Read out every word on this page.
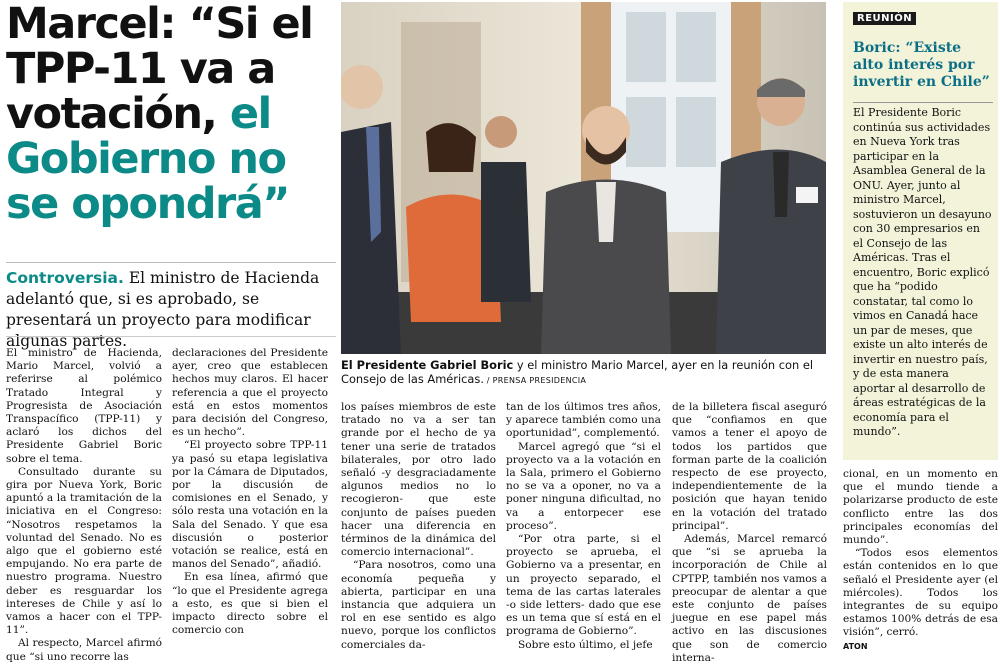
Marcel: “Si el TPP-11 va a votación, el Gobierno no se opondrá”

Controversia. El ministro de Hacienda adelantó que, si es aprobado, se presentará un proyecto para modificar algunas partes.

El Presidente Gabriel Boric y el ministro Mario Marcel, ayer en la reunión con el Consejo de las Américas. / PRENSA PRESIDENCIA

El ministro de Hacienda, Mario Marcel, volvió a referirse al polémico Tratado Integral y Progresista de Asociación Transpacífico (TPP-11) y aclaró los dichos del Presidente Gabriel Boric sobre el tema.

Consultado durante su gira por Nueva York, Boric apuntó a la tramitación de la iniciativa en el Congreso: “Nosotros respetamos la voluntad del Senado. No es algo que el gobierno esté empujando. No era parte de nuestro programa. Nuestro deber es resguardar los intereses de Chile y así lo vamos a hacer con el TPP-11”.

Al respecto, Marcel afirmó que “si uno recorre las

declaraciones del Presidente ayer, creo que establecen hechos muy claros. El hacer referencia a que el proyecto está en estos momentos para decisión del Congreso, es un hecho”.

“El proyecto sobre TPP-11 ya pasó su etapa legislativa por la Cámara de Diputados, por la discusión de comisiones en el Senado, y sólo resta una votación en la Sala del Senado. Y que esa discusión o posterior votación se realice, está en manos del Senado”, añadió.

En esa línea, afirmó que “lo que el Presidente agrega a esto, es que si bien el impacto directo sobre el comercio con

los países miembros de este tratado no va a ser tan grande por el hecho de ya tener una serie de tratados bilaterales, por otro lado señaló -y desgraciadamente algunos medios no lo recogieron- que este conjunto de países pueden hacer una diferencia en términos de la dinámica del comercio internacional”.

“Para nosotros, como una economía pequeña y abierta, participar en una instancia que adquiera un rol en ese sentido es algo nuevo, porque los conflictos comerciales da-

tan de los últimos tres años, y aparece también como una oportunidad”, complementó.

Marcel agregó que “si el proyecto va a la votación en la Sala, primero el Gobierno no se va a oponer, no va a poner ninguna dificultad, no va a entorpecer ese proceso”.

“Por otra parte, si el proyecto se aprueba, el Gobierno va a presentar, en un proyecto separado, el tema de las cartas laterales -o side letters- dado que ese es un tema que sí está en el programa de Gobierno”.

Sobre esto último, el jefe

de la billetera fiscal aseguró que “confiamos en que vamos a tener el apoyo de todos los partidos que forman parte de la coalición respecto de ese proyecto, independientemente de la posición que hayan tenido en la votación del tratado principal”.

Además, Marcel remarcó que “si se aprueba la incorporación de Chile al CPTPP, también nos vamos a preocupar de alentar a que este conjunto de países juegue en ese papel más activo en las discusiones que son de comercio interna-

cional, en un momento en que el mundo tiende a polarizarse producto de este conflicto entre las dos principales economías del mundo”.

“Todos esos elementos están contenidos en lo que señaló el Presidente ayer (el miércoles). Todos los integrantes de su equipo estamos 100% detrás de esa visión”, cerró.

ATON

REUNIÓN
Boric: “Existe alto interés por invertir en Chile”

El Presidente Boric continúa sus actividades en Nueva York tras participar en la Asamblea General de la ONU. Ayer, junto al ministro Marcel, sostuvieron un desayuno con 30 empresarios en el Consejo de las Américas. Tras el encuentro, Boric explicó que ha “podido constatar, tal como lo vimos en Canadá hace un par de meses, que existe un alto interés de invertir en nuestro país, y de esta manera aportar al desarrollo de áreas estratégicas de la economía para el mundo”.
